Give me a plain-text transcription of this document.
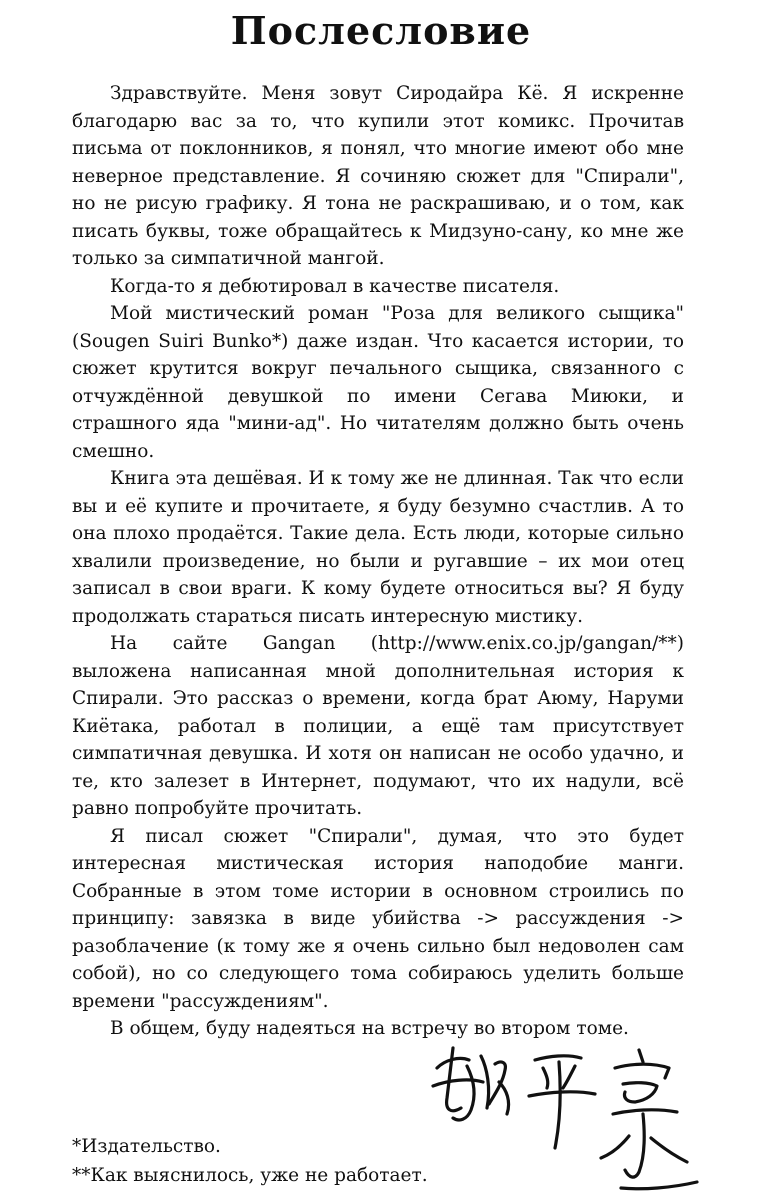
Послесловие

Здравствуйте. Меня зовут Сиродайра Кё. Я искренне благодарю вас за то, что купили этот комикс. Прочитав письма от поклонников, я понял, что многие имеют обо мне неверное представление. Я сочиняю сюжет для "Спирали", но не рисую графику. Я тона не раскрашиваю, и о том, как писать буквы, тоже обращайтесь к Мидзуно-сану, ко мне же только за симпатичной мангой.

Когда-то я дебютировал в качестве писателя.

Мой мистический роман "Роза для великого сыщика" (Sougen Suiri Bunko*) даже издан. Что касается истории, то сюжет крутится вокруг печального сыщика, связанного с отчуждённой девушкой по имени Сегава Миюки, и страшного яда "мини-ад". Но читателям должно быть очень смешно.

Книга эта дешёвая. И к тому же не длинная. Так что если вы и её купите и прочитаете, я буду безумно счастлив. А то она плохо продаётся. Такие дела. Есть люди, которые сильно хвалили произведение, но были и ругавшие – их мои отец записал в свои враги. К кому будете относиться вы? Я буду продолжать стараться писать интересную мистику.

На сайте Gangan (http://www.enix.co.jp/gangan/**) выложена написанная мной дополнительная история к Спирали. Это рассказ о времени, когда брат Аюму, Наруми Киётака, работал в полиции, а ещё там присутствует симпатичная девушка. И хотя он написан не особо удачно, и те, кто залезет в Интернет, подумают, что их надули, всё равно попробуйте прочитать.

Я писал сюжет "Спирали", думая, что это будет интересная мистическая история наподобие манги. Собранные в этом томе истории в основном строились по принципу: завязка в виде убийства -> рассуждения -> разоблачение (к тому же я очень сильно был недоволен сам собой), но со следующего тома собираюсь уделить больше времени "рассуждениям".

В общем, буду надеяться на встречу во втором томе.

*Издательство.
**Как выяснилось, уже не работает.
